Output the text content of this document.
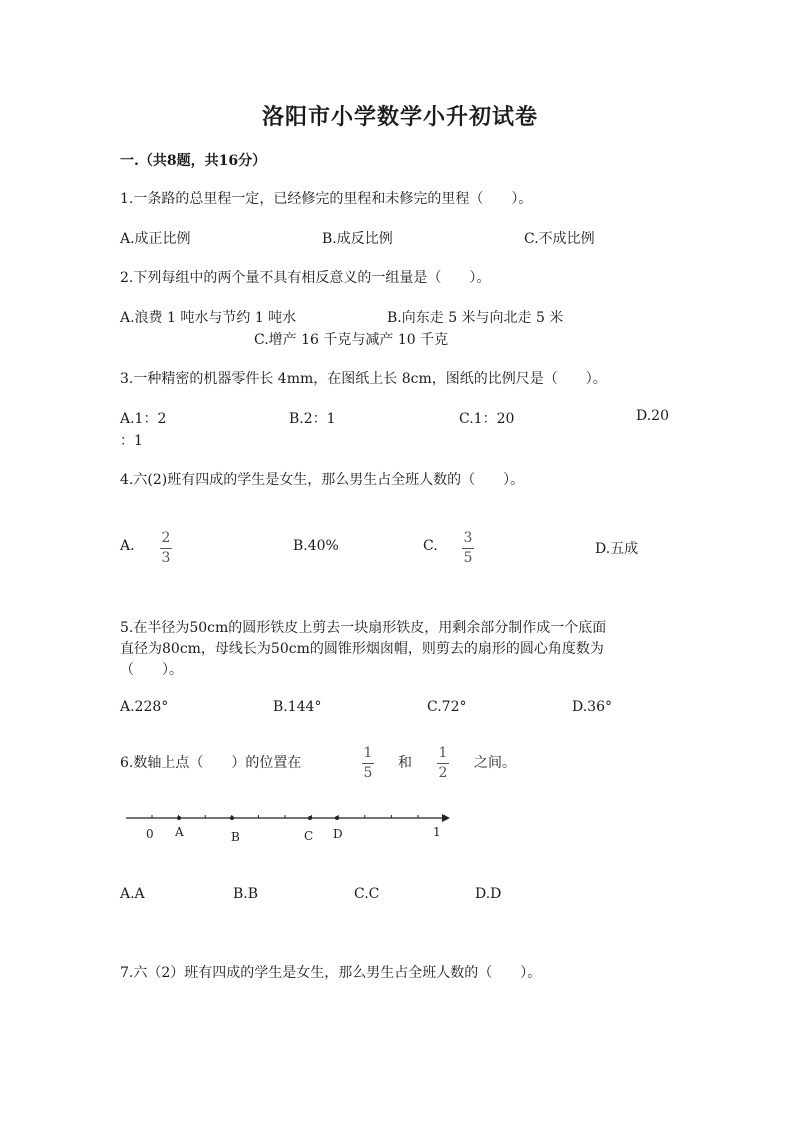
洛阳市小学数学小升初试卷
一.（共8题，共16分）
1.一条路的总里程一定，已经修完的里程和未修完的里程（　　）。
A.成正比例	B.成反比例	C.不成比例
2.下列每组中的两个量不具有相反意义的一组量是（　　）。
A.浪费 1 吨水与节约 1 吨水	B.向东走 5 米与向北走 5 米
C.增产 16 千克与减产 10 千克
3.一种精密的机器零件长 4mm，在图纸上长 8cm，图纸的比例尺是（　　）。
A.1：2	B.2：1	C.1：20	D.20
：1
4.六(2)班有四成的学生是女生，那么男生占全班人数的（　　）。
A. 2
3
B.40%	C. 3
5
D.五成
5.在半径为50cm的圆形铁皮上剪去一块扇形铁皮，用剩余部分制作成一个底面
直径为80cm，母线长为50cm的圆锥形烟囱帽，则剪去的扇形的圆心角度数为
（　　）。
A.228°	B.144°	C.72°	D.36°
6.数轴上点（　　）的位置在
1
5
和
1
2
之间。
0 A	B	C D	1
A.A	B.B	C.C	D.D
7.六（2）班有四成的学生是女生，那么男生占全班人数的（　　）。
